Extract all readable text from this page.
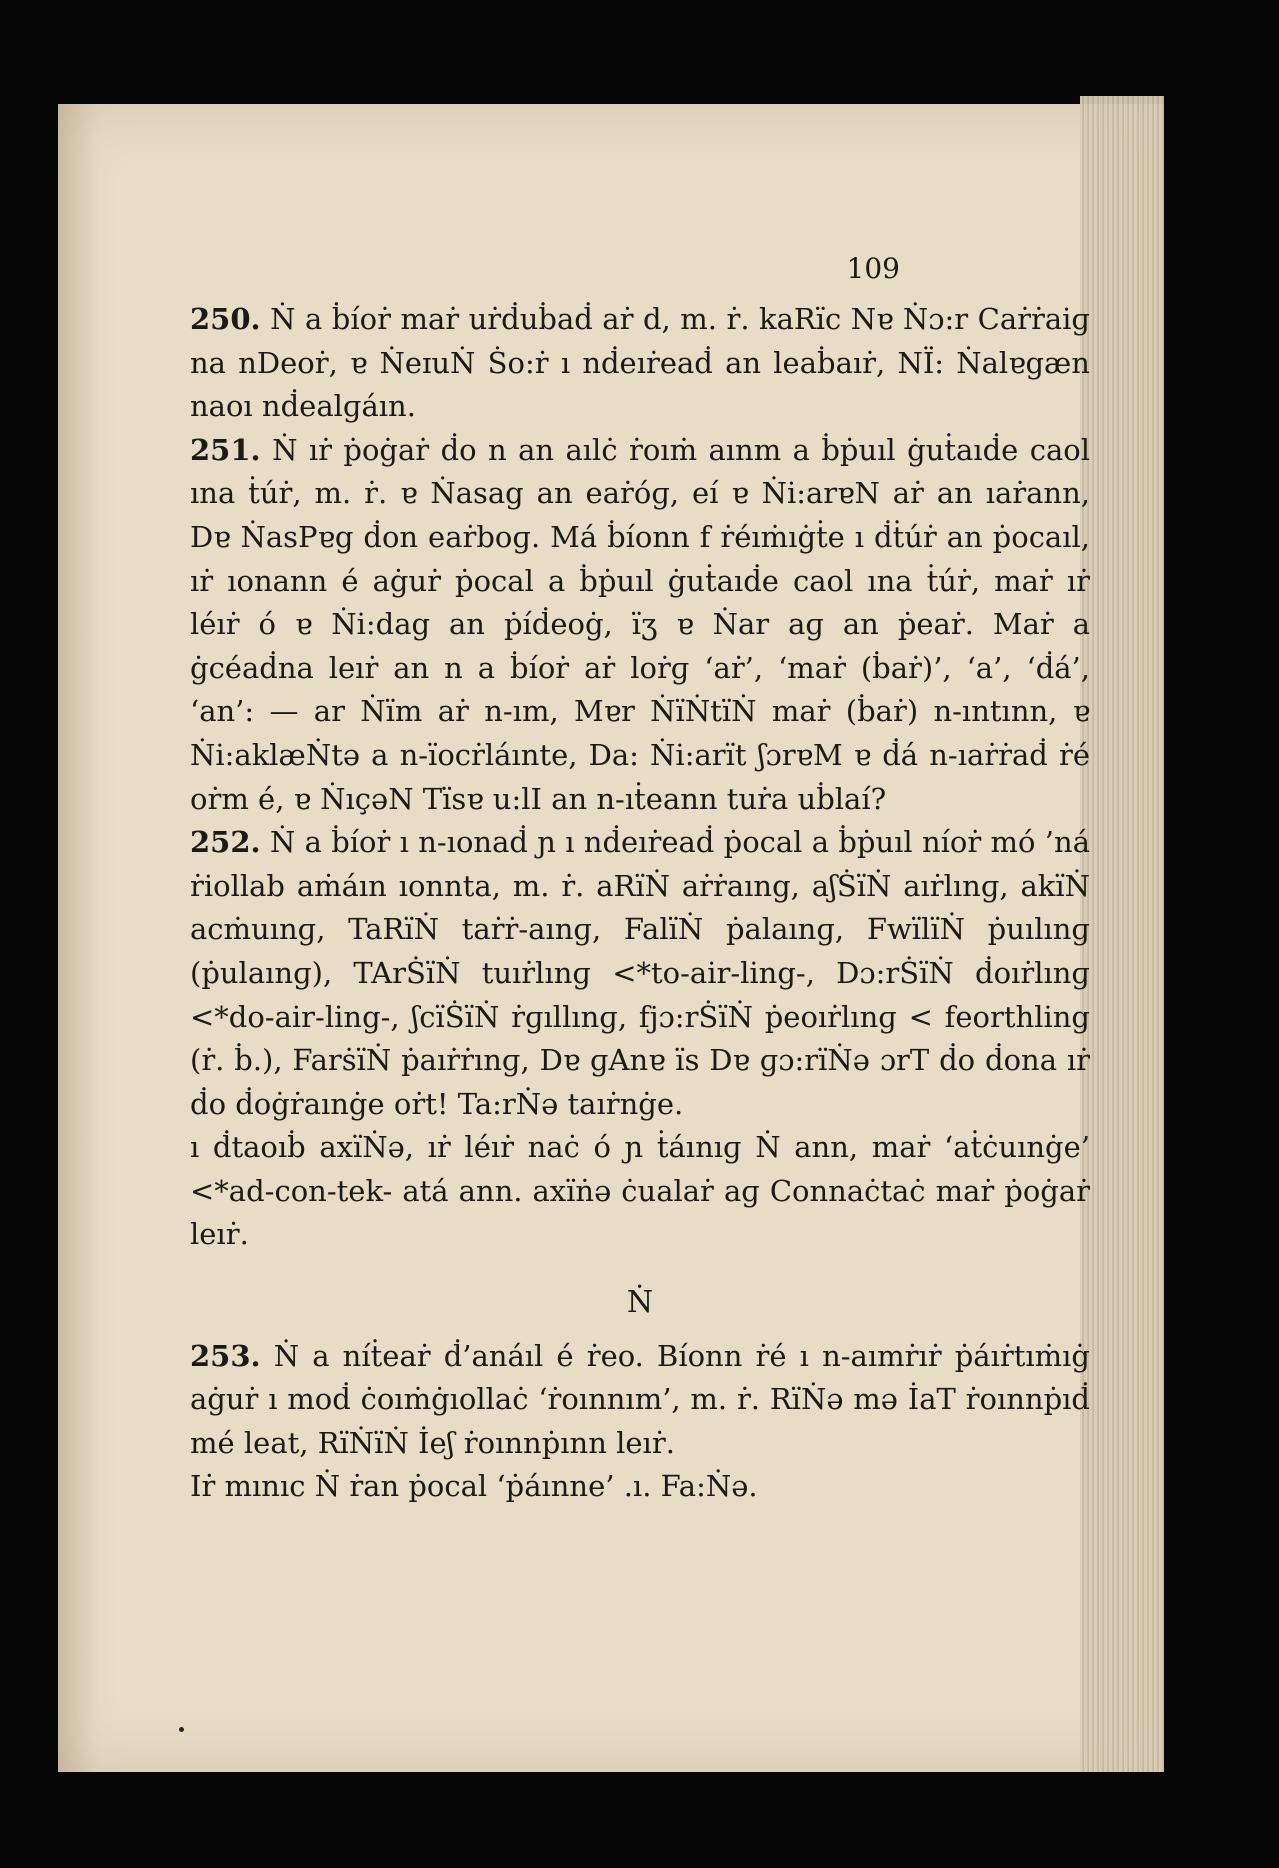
109

250. Ṅ a ḃíoṙ maṙ uṙḋuḃaḋ aṙ d, m. ṙ. kaRïc Nɐ Ṅɔ:r Caṙṙaiɡ na nDeoṙ, ɐ ṄeɪuṄ Ṡo:ṙ ı nḋeıṙeaḋ an leaḃaıṙ, NÏ: Ṅalɐgæn naoı nḋealɡáın.

251. Ṅ ıṙ ṗoġaṙ ḋo n an aılċ ṙoıṁ aınm a ḃṗuıl ġuṫaıḋe caol ına ṫúṙ, m. ṙ. ɐ Ṅasag an eaṙóɡ, eí ɐ Ṅi:arɐN aṙ an ıaṙann, Dɐ ṄasPɐg ḋon eaṙboɡ. Má ḃíonn f ṙéıṁıġṫe ı ḋṫúṙ an ṗocaıl, ıṙ ıonann é aġuṙ ṗocal a ḃṗuıl ġuṫaıḋe caol ına ṫúṙ, maṙ ıṙ léıṙ ó ɐ Ṅi:dag an ṗíḋeoġ, ïʒ ɐ Ṅar aɡ an ṗeaṙ. Maṙ a ġcéaḋna leıṙ an n a ḃíoṙ aṙ loṙɡ ‘aṙ’, ‘maṙ (ḃaṙ)’, ‘a’, ‘ḋá’, ‘an’: — ar Ṅïm aṙ n-ım, Mɐr ṄïṄtïṄ maṙ (ḃaṙ) n-ıntınn, ɐ Ṅi:aklæṄtə a n-ïocṙláınte, Da: Ṅi:arït ʃɔrɐM ɐ ḋá n-ıaṙṙaḋ ṙé oṙm é, ɐ ṄıçəN Tïsɐ u:lI an n-ıṫeann tuṙa uḃlaí?

252. Ṅ a ḃíoṙ ı n-ıonaḋ ɲ ı nḋeıṙeaḋ ṗocal a ḃṗuıl níoṙ mó ’ná ṙiollab aṁáın ıonnta, m. ṙ. aRïṄ aṙṙaıng, aʃṠïṄ aıṙlınɡ, akïṄ acṁuınɡ, TaRïṄ taṙṙ-aınɡ, FalïṄ ṗalaınɡ, FwïlïṄ ṗuılınɡ (ṗulaınɡ), TArṠïṄ tuıṙlınɡ <*to-air-ling-, Dɔ:rṠïṄ ḋoıṙlınɡ <*do-air-ling-, ʃcïṠïṄ ṙɡıllınɡ, fjɔ:rṠïṄ ṗeoıṙlınɡ < feorthling (ṙ. ḃ.), FarṡïṄ ṗaıṙṙınɡ, Dɐ ɡAnɐ ïs Dɐ ɡɔ:rïṄə ɔrT ḋo ḋona ıṙ ḋo ḋoġṙaınġe oṙt! Ta:rṄə taıṙnġe.

ı ḋtaoıḃ axïṄə, ıṙ léıṙ naċ ó ɲ ṫáınıɡ Ṅ ann, maṙ ‘aṫċuınġe’ <*ad-con-tek- atá ann. axïṅə ċualaṙ aɡ Connaċtaċ maṙ ṗoġaṙ leıṙ.

Ṅ

253. Ṅ a níṫeaṙ ḋ’anáıl é ṙeo. Bíonn ṙé ı n-aımṙıṙ ṗáıṙtıṁıġ aġuṙ ı moḋ ċoıṁġıollaċ ‘ṙoınnım’, m. ṙ. RïṄə mə İaT ṙoınnṗıḋ mé leat, RïṄïṄ İeʃ ṙoınnṗınn leıṙ.

Iṙ mınıc Ṅ ṙan ṗocal ‘ṗáınne’ .ı. Fa:Ṅə.
